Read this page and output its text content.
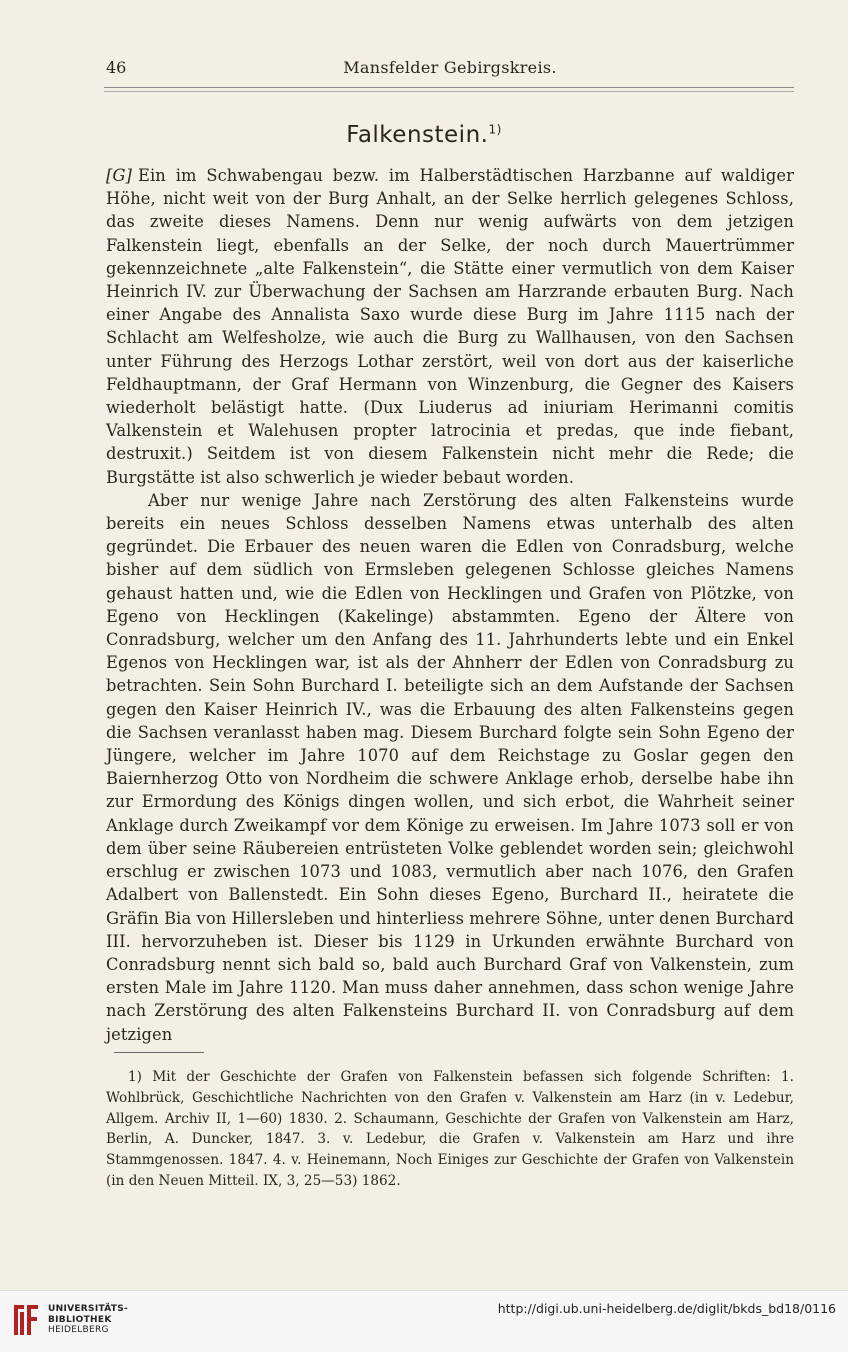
46	Mansfelder Gebirgskreis.
Falkenstein.$^{1)}$

[G] Ein im Schwabengau bezw. im Halberstädtischen Harzbanne auf waldiger Höhe, nicht weit von der Burg Anhalt, an der Selke herrlich gelegenes Schloss, das zweite dieses Namens. Denn nur wenig aufwärts von dem jetzigen Falkenstein liegt, ebenfalls an der Selke, der noch durch Mauertrümmer gekennzeichnete „alte Falkenstein“, die Stätte einer vermutlich von dem Kaiser Heinrich IV. zur Überwachung der Sachsen am Harzrande erbauten Burg. Nach einer Angabe des Annalista Saxo wurde diese Burg im Jahre 1115 nach der Schlacht am Welfesholze, wie auch die Burg zu Wallhausen, von den Sachsen unter Führung des Herzogs Lothar zerstört, weil von dort aus der kaiserliche Feldhauptmann, der Graf Hermann von Winzenburg, die Gegner des Kaisers wiederholt belästigt hatte. (Dux Liuderus ad iniuriam Herimanni comitis Valkenstein et Walehusen propter latrocinia et predas, que inde fiebant, destruxit.) Seitdem ist von diesem Falkenstein nicht mehr die Rede; die Burgstätte ist also schwerlich je wieder bebaut worden.

Aber nur wenige Jahre nach Zerstörung des alten Falkensteins wurde bereits ein neues Schloss desselben Namens etwas unterhalb des alten gegründet. Die Erbauer des neuen waren die Edlen von Conradsburg, welche bisher auf dem südlich von Ermsleben gelegenen Schlosse gleiches Namens gehaust hatten und, wie die Edlen von Hecklingen und Grafen von Plötzke, von Egeno von Hecklingen (Kakelinge) abstammten. Egeno der Ältere von Conradsburg, welcher um den Anfang des 11. Jahrhunderts lebte und ein Enkel Egenos von Hecklingen war, ist als der Ahnherr der Edlen von Conradsburg zu betrachten. Sein Sohn Burchard I. beteiligte sich an dem Aufstande der Sachsen gegen den Kaiser Heinrich IV., was die Erbauung des alten Falkensteins gegen die Sachsen veranlasst haben mag. Diesem Burchard folgte sein Sohn Egeno der Jüngere, welcher im Jahre 1070 auf dem Reichstage zu Goslar gegen den Baiernherzog Otto von Nordheim die schwere Anklage erhob, derselbe habe ihn zur Ermordung des Königs dingen wollen, und sich erbot, die Wahrheit seiner Anklage durch Zweikampf vor dem Könige zu erweisen. Im Jahre 1073 soll er von dem über seine Räubereien entrüsteten Volke geblendet worden sein; gleichwohl erschlug er zwischen 1073 und 1083, vermutlich aber nach 1076, den Grafen Adalbert von Ballenstedt. Ein Sohn dieses Egeno, Burchard II., heiratete die Gräfin Bia von Hillersleben und hinterliess mehrere Söhne, unter denen Burchard III. hervorzuheben ist. Dieser bis 1129 in Urkunden erwähnte Burchard von Conradsburg nennt sich bald so, bald auch Burchard Graf von Valkenstein, zum ersten Male im Jahre 1120. Man muss daher annehmen, dass schon wenige Jahre nach Zerstörung des alten Falkensteins Burchard II. von Conradsburg auf dem jetzigen

1) Mit der Geschichte der Grafen von Falkenstein befassen sich folgende Schriften: 1. Wohlbrück, Geschichtliche Nachrichten von den Grafen v. Valkenstein am Harz (in v. Ledebur, Allgem. Archiv II, 1—60) 1830. 2. Schaumann, Geschichte der Grafen von Valkenstein am Harz, Berlin, A. Duncker, 1847. 3. v. Ledebur, die Grafen v. Valkenstein am Harz und ihre Stammgenossen. 1847. 4. v. Heinemann, Noch Einiges zur Geschichte der Grafen von Valkenstein (in den Neuen Mitteil. IX, 3, 25—53) 1862.

UNIVERSITÄTS-
BIBLIOTHEK
HEIDELBERG
http://digi.ub.uni-heidelberg.de/diglit/bkds_bd18/0116
